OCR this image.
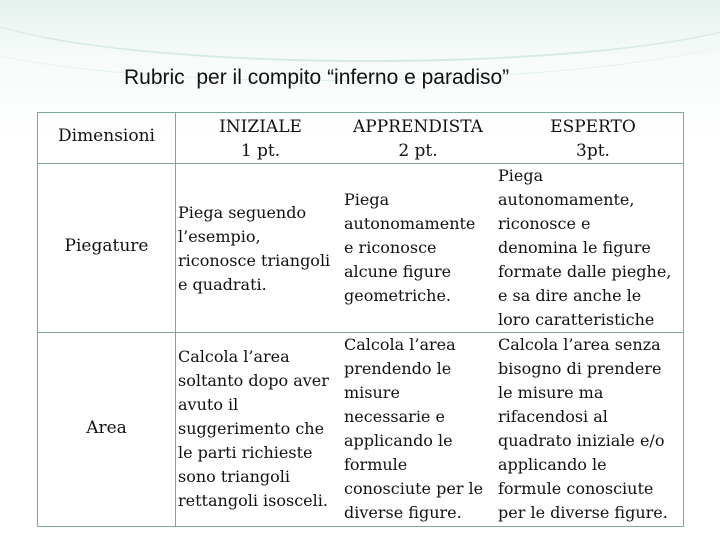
Rubric  per il compito “inferno e paradiso”
Dimensioni	INIZIALE
1 pt.
APPRENDISTA
2 pt.
ESPERTO
3pt.
Piegature
Piega seguendo
l’esempio,
riconosce triangoli
e quadrati.
Piega
autonomamente
e riconosce
alcune figure
geometriche.
Piega
autonomamente,
riconosce e
denomina le figure
formate dalle pieghe,
e sa dire anche le
loro caratteristiche
Area
Calcola l’area
soltanto dopo aver
avuto il
suggerimento che
le parti richieste
sono triangoli
rettangoli isosceli.
Calcola l’area
prendendo le
misure
necessarie e
applicando le
formule
conosciute per le
diverse figure.
Calcola l’area senza
bisogno di prendere
le misure ma
rifacendosi al
quadrato iniziale e/o
applicando le
formule conosciute
per le diverse figure.
